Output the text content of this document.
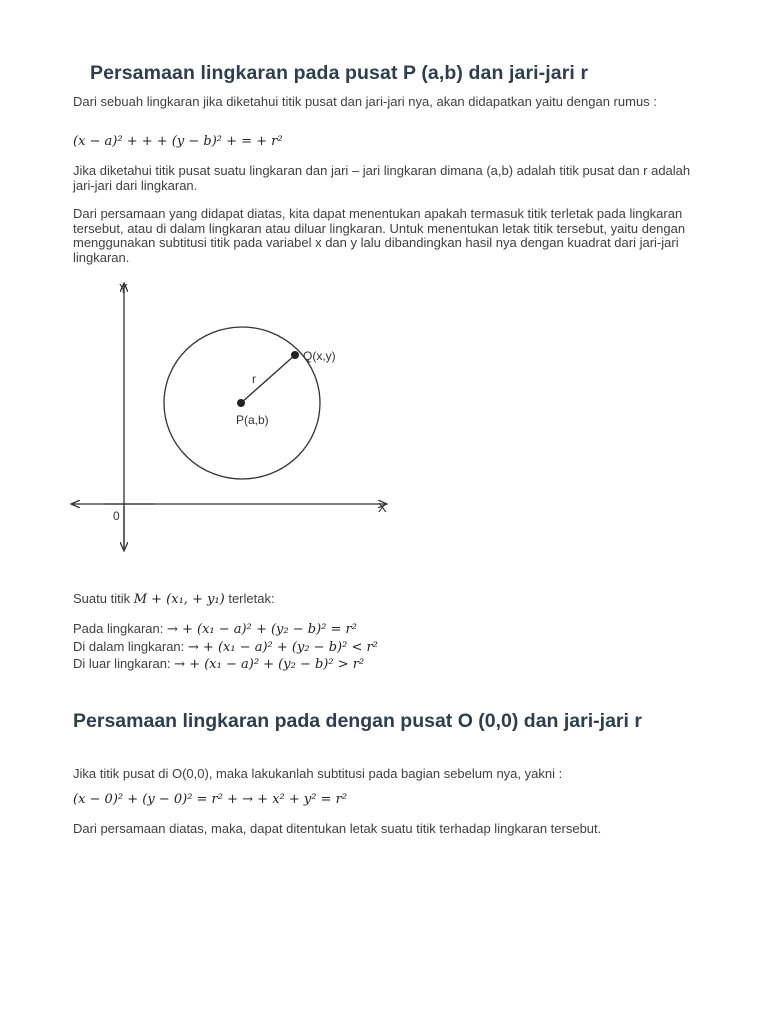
Persamaan lingkaran pada pusat P (a,b) dan jari-jari r

Dari sebuah lingkaran jika diketahui titik pusat dan jari-jari nya, akan didapatkan yaitu dengan rumus :

(x − a)² + + + (y − b)² + = + r²

Jika diketahui titik pusat suatu lingkaran dan jari – jari lingkaran dimana (a,b) adalah titik pusat dan r adalah jari-jari dari lingkaran.

Dari persamaan yang didapat diatas, kita dapat menentukan apakah termasuk titik terletak pada lingkaran tersebut, atau di dalam lingkaran atau diluar lingkaran. Untuk menentukan letak titik tersebut, yaitu dengan menggunakan subtitusi titik pada variabel x dan y lalu dibandingkan hasil nya dengan kuadrat dari jari-jari lingkaran.

Y
X
0
r
P(a,b)
Q(x,y)
Suatu titik M + (x₁, + y₁) terletak:
Pada lingkaran: → + (x₁ − a)² + (y₂ − b)² = r²
Di dalam lingkaran: → + (x₁ − a)² + (y₂ − b)² < r²
Di luar lingkaran: → + (x₁ − a)² + (y₂ − b)² > r²
Persamaan lingkaran pada dengan pusat O (0,0) dan jari-jari r

Jika titik pusat di O(0,0), maka lakukanlah subtitusi pada bagian sebelum nya, yakni :

(x − 0)² + (y − 0)² = r² + → + x² + y² = r²

Dari persamaan diatas, maka, dapat ditentukan letak suatu titik terhadap lingkaran tersebut.
